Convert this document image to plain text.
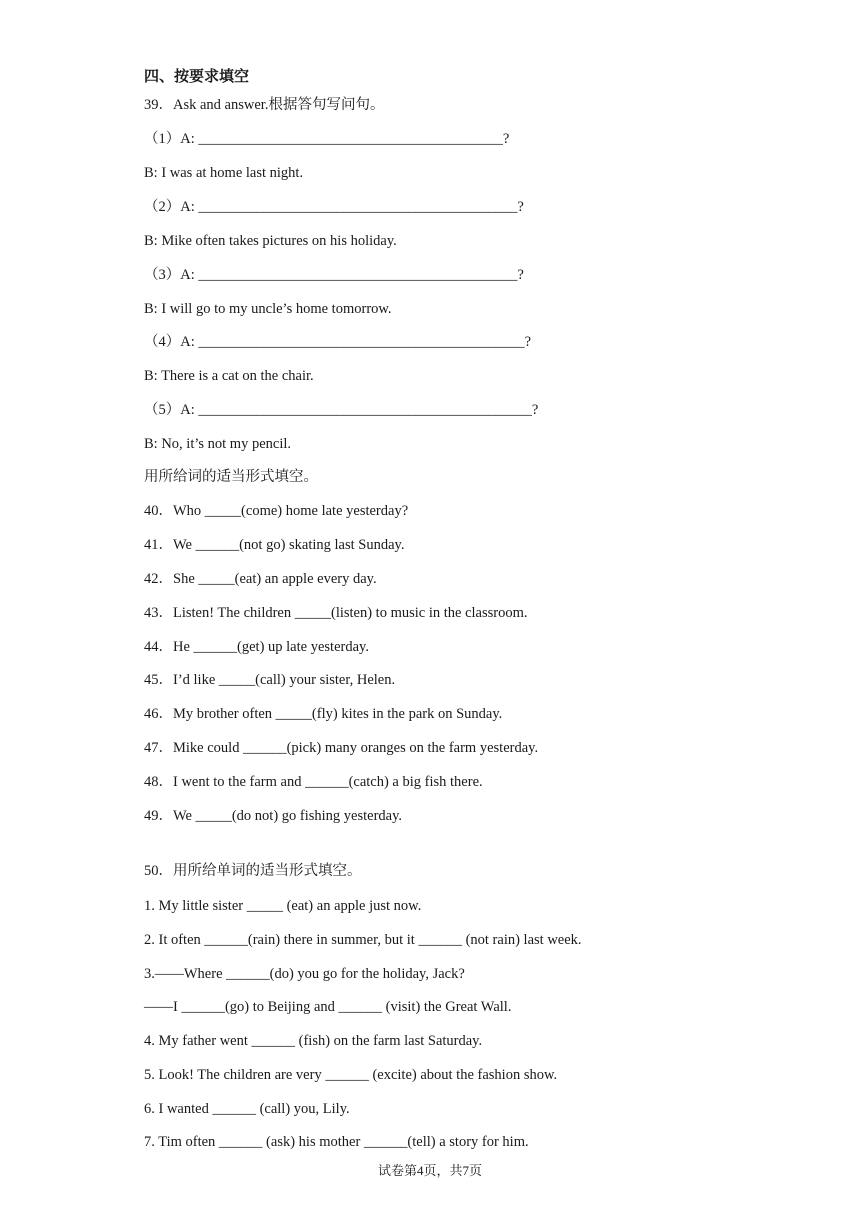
四、按要求填空
39．Ask and answer.根据答句写问句。
（1）A: __________________________________________?
B: I was at home last night.
（2）A: ____________________________________________?
B: Mike often takes pictures on his holiday.
（3）A: ____________________________________________?
B: I will go to my uncle’s home tomorrow.
（4）A: _____________________________________________?
B: There is a cat on the chair.
（5）A: ______________________________________________?
B: No, it’s not my pencil.
用所给词的适当形式填空。
40．Who _____(come) home late yesterday?
41．We ______(not go) skating last Sunday.
42．She _____(eat) an apple every day.
43．Listen! The children _____(listen) to music in the classroom.
44．He ______(get) up late yesterday.
45．I’d like _____(call) your sister, Helen.
46．My brother often _____(fly) kites in the park on Sunday.
47．Mike could ______(pick) many oranges on the farm yesterday.
48．I went to the farm and ______(catch) a big fish there.
49．We _____(do not) go fishing yesterday.
50．用所给单词的适当形式填空。
1. My little sister _____ (eat) an apple just now.
2. It often ______(rain) there in summer, but it ______ (not rain) last week.
3.——Where ______(do) you go for the holiday, Jack?
——I ______(go) to Beijing and ______ (visit) the Great Wall.
4. My father went ______ (fish) on the farm last Saturday.
5. Look! The children are very ______ (excite) about the fashion show.
6. I wanted ______ (call) you, Lily.
7. Tim often ______ (ask) his mother ______(tell) a story for him.
试卷第4页，共7页
